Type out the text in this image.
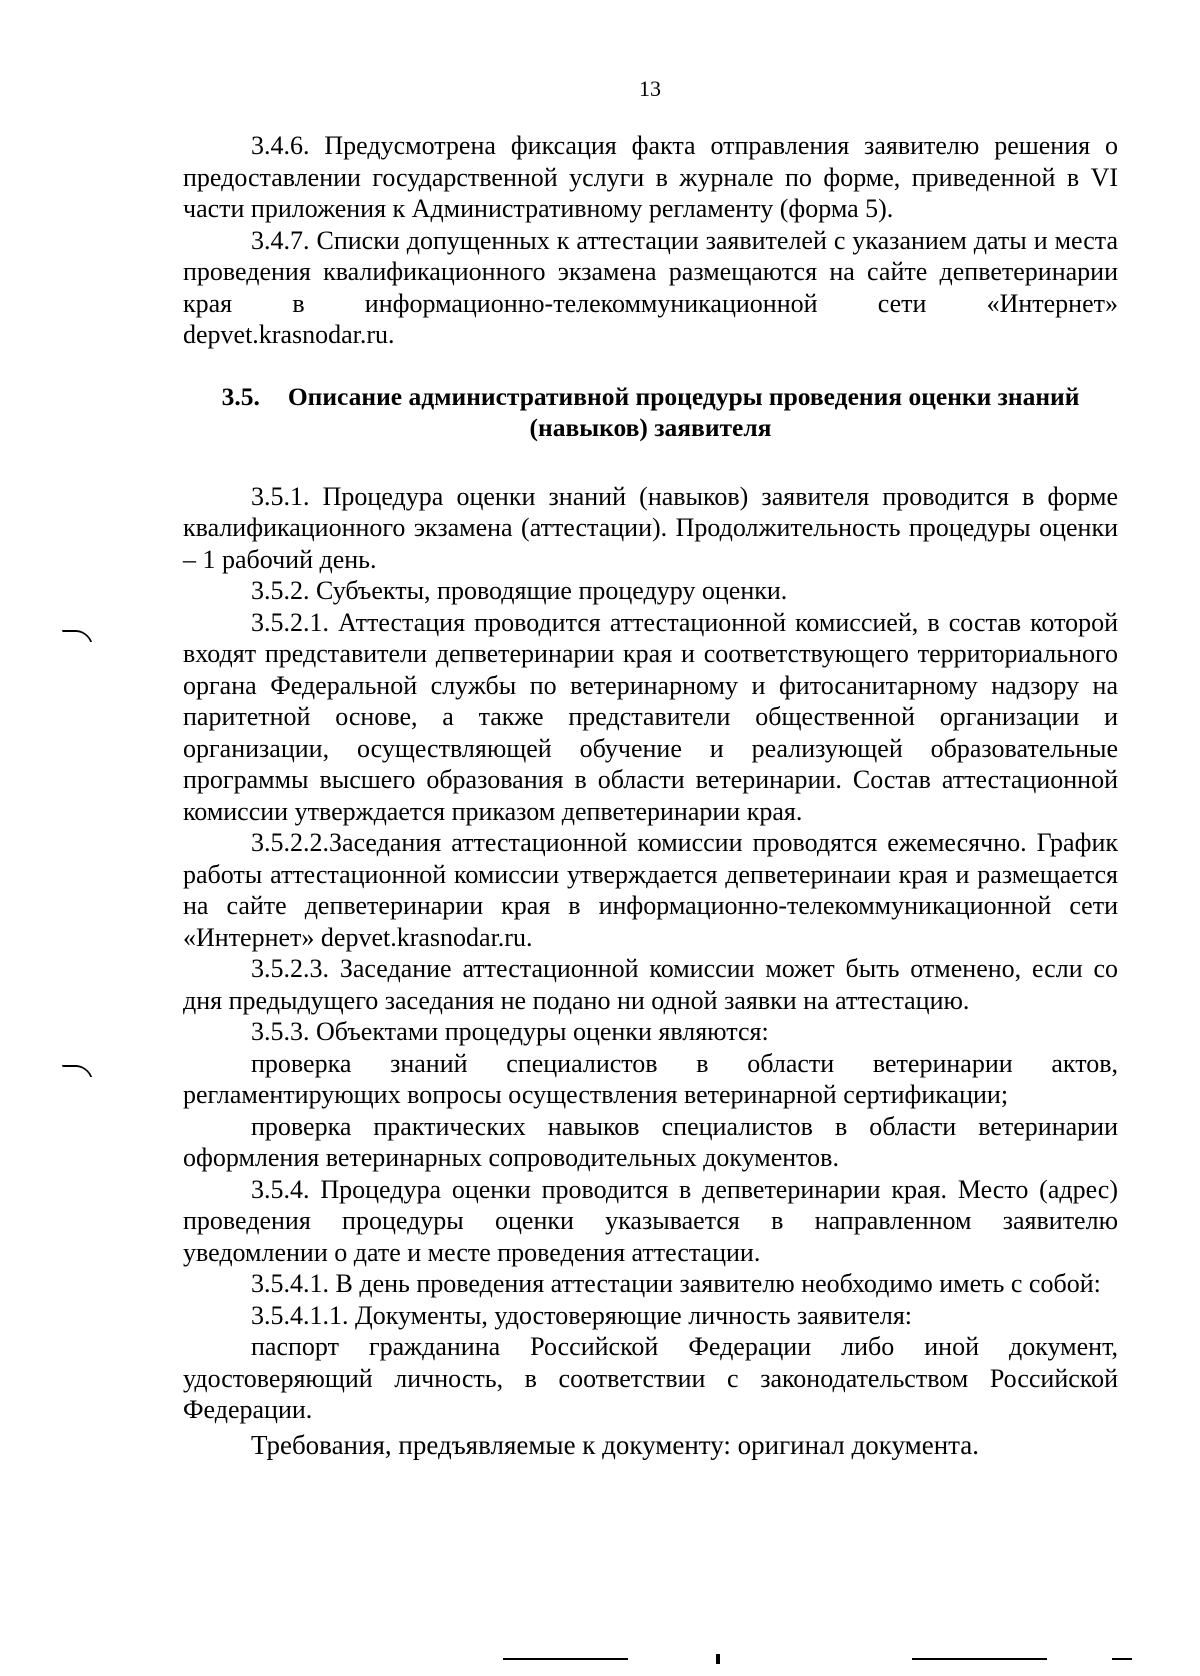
13

3.4.6. Предусмотрена фиксация факта отправления заявителю решения о предоставлении государственной услуги в журнале по форме, приведенной в VI части приложения к Административному регламенту (форма 5).

3.4.7. Списки допущенных к аттестации заявителей с указанием даты и места проведения квалификационного экзамена размещаются на сайте депветеринарии края в информационно-телекоммуникационной сети «Интернет» depvet.krasnodar.ru.

3.5. Описание административной процедуры проведения оценки знаний (навыков) заявителя

3.5.1. Процедура оценки знаний (навыков) заявителя проводится в форме квалификационного экзамена (аттестации). Продолжительность процедуры оценки – 1 рабочий день.

3.5.2. Субъекты, проводящие процедуру оценки.

3.5.2.1. Аттестация проводится аттестационной комиссией, в состав которой входят представители депветеринарии края и соответствующего территориального органа Федеральной службы по ветеринарному и фитосанитарному надзору на паритетной основе, а также представители общественной организации и организации, осуществляющей обучение и реализующей образовательные программы высшего образования в области ветеринарии. Состав аттестационной комиссии утверждается приказом депветеринарии края.

3.5.2.2.Заседания аттестационной комиссии проводятся ежемесячно. График работы аттестационной комиссии утверждается депветеринаии края и размещается на сайте депветеринарии края в информационно-телекоммуникационной сети «Интернет» depvet.krasnodar.ru.

3.5.2.3. Заседание аттестационной комиссии может быть отменено, если со дня предыдущего заседания не подано ни одной заявки на аттестацию.

3.5.3. Объектами процедуры оценки являются:

проверка знаний специалистов в области ветеринарии актов, регламентирующих вопросы осуществления ветеринарной сертификации;

проверка практических навыков специалистов в области ветеринарии оформления ветеринарных сопроводительных документов.

3.5.4. Процедура оценки проводится в депветеринарии края. Место (адрес) проведения процедуры оценки указывается в направленном заявителю уведомлении о дате и месте проведения аттестации.

3.5.4.1. В день проведения аттестации заявителю необходимо иметь с собой:

3.5.4.1.1. Документы, удостоверяющие личность заявителя:

паспорт гражданина Российской Федерации либо иной документ, удостоверяющий личность, в соответствии с законодательством Российской Федерации.

Требования, предъявляемые к документу: оригинал документа.
